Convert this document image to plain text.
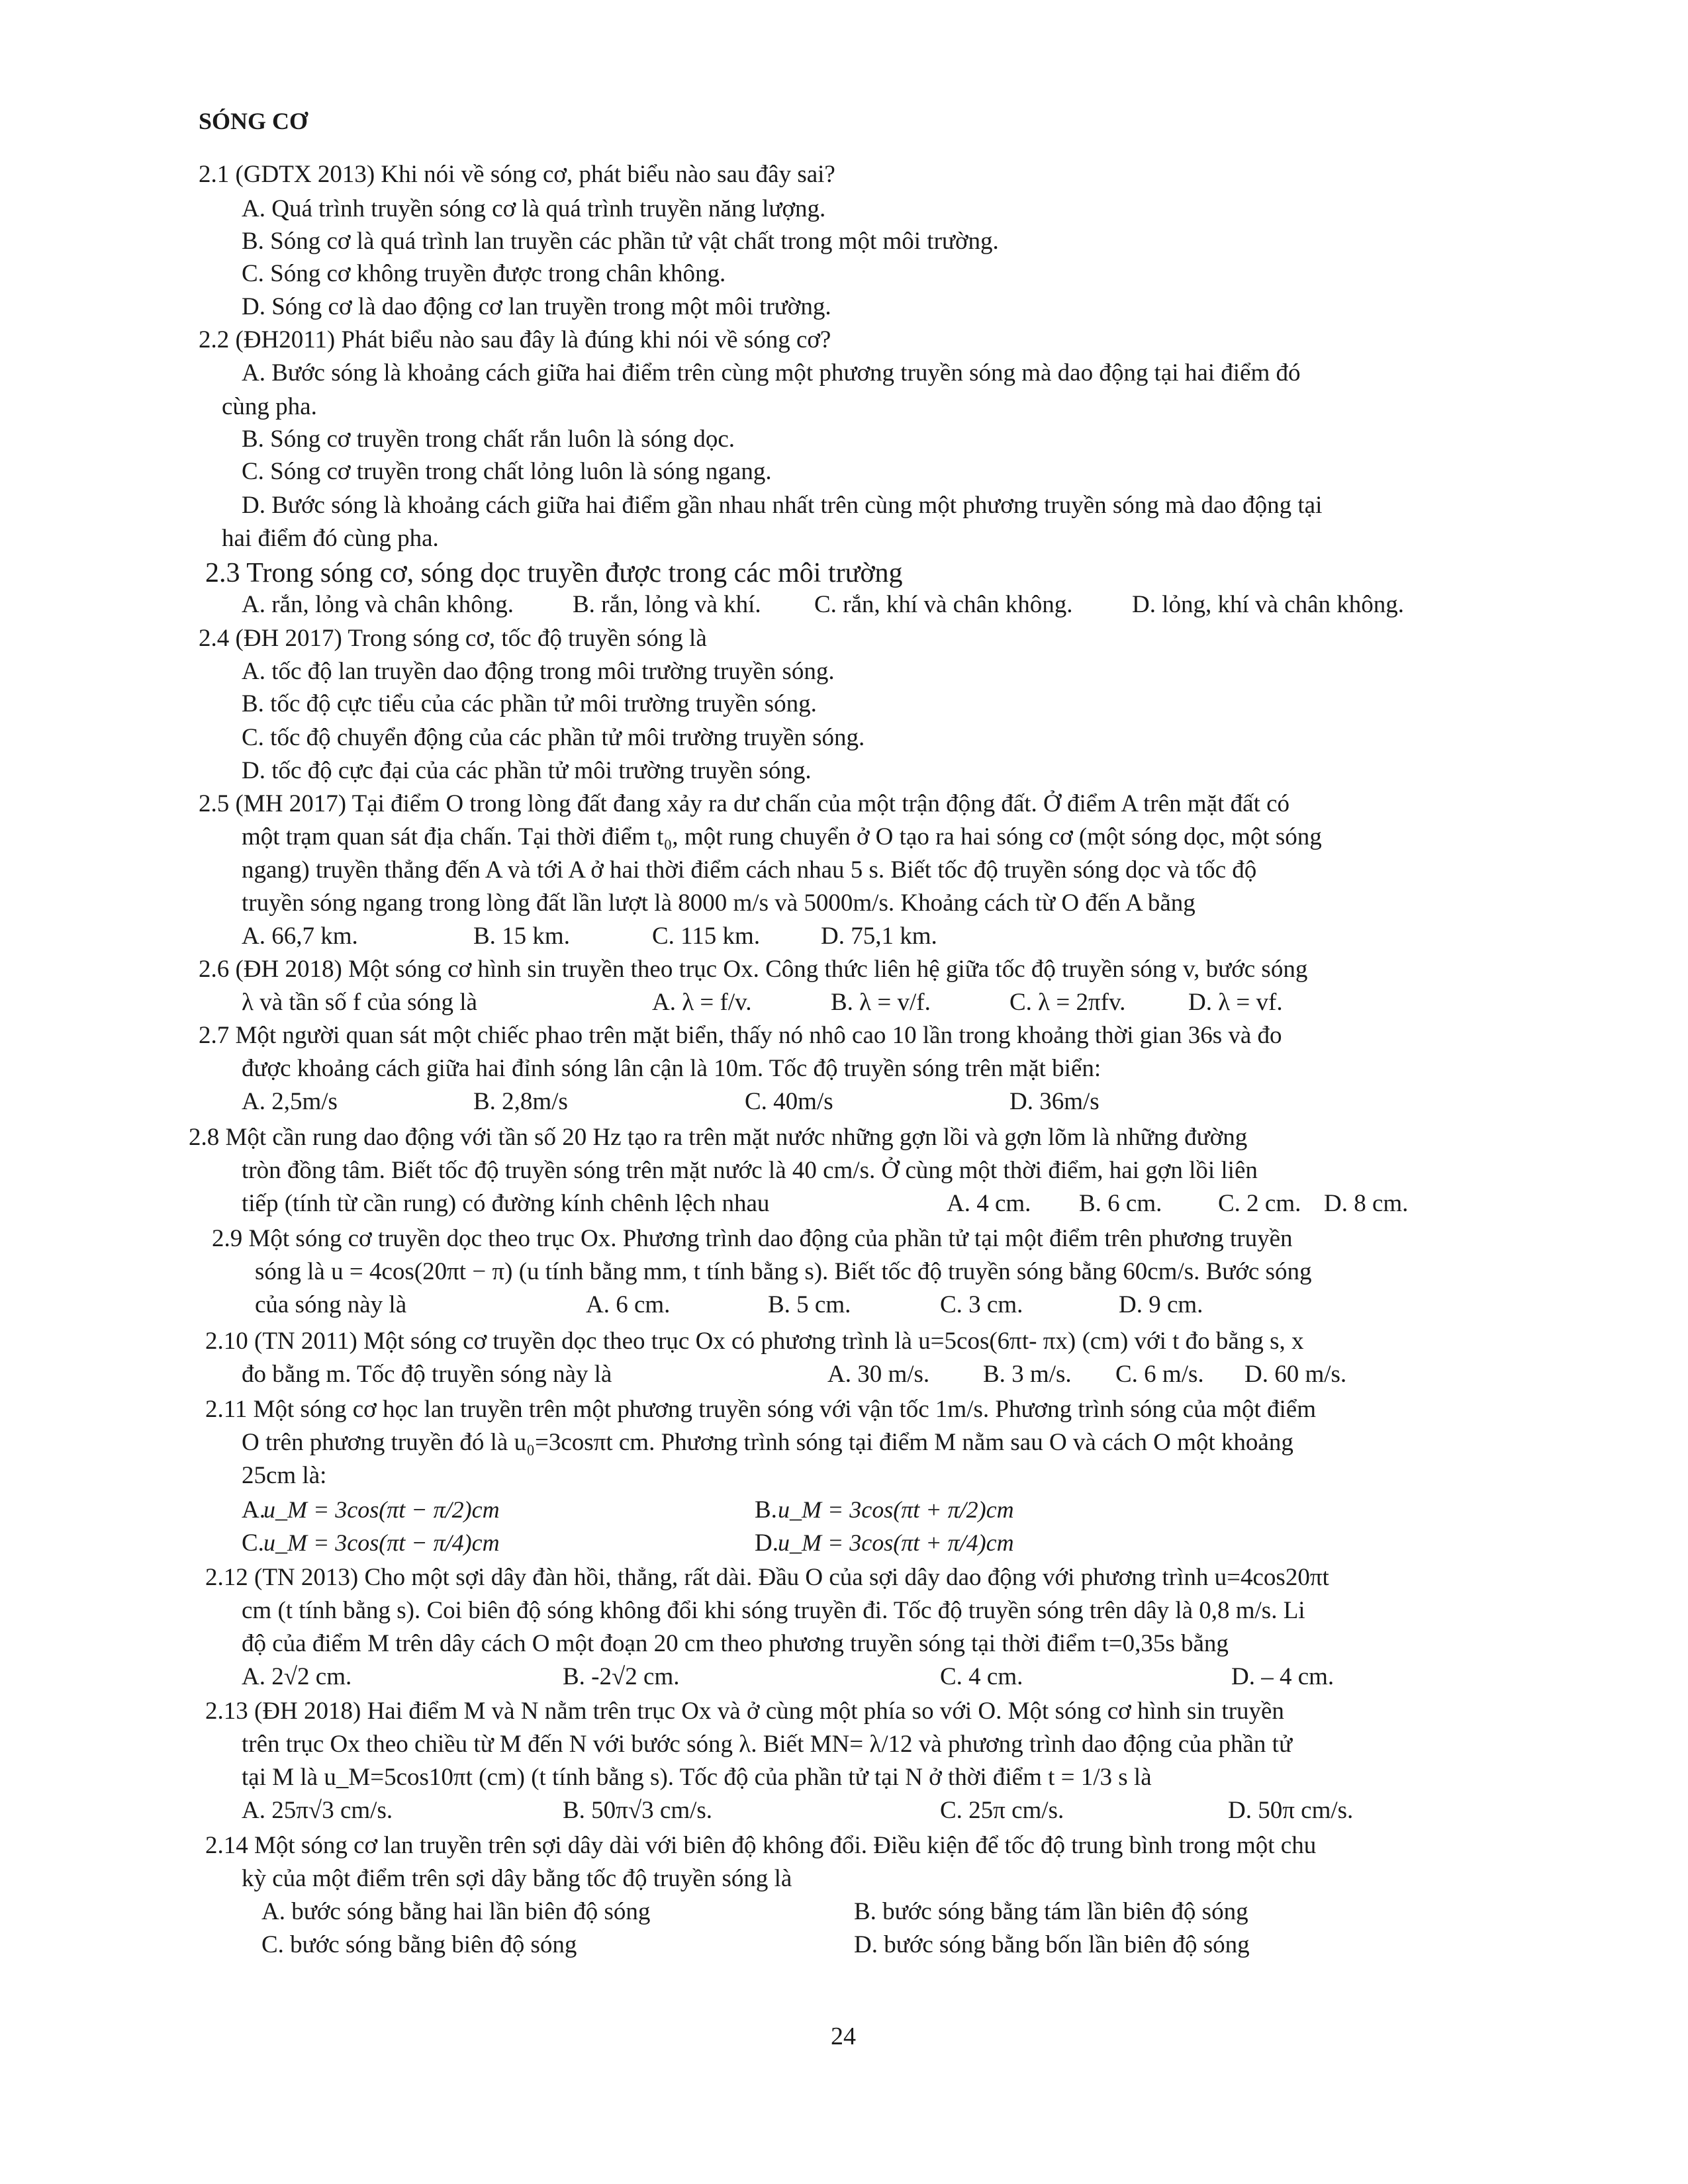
SÓNG CƠ
2.1 (GDTX 2013) Khi nói về sóng cơ, phát biểu nào sau đây sai?
A. Quá trình truyền sóng cơ là quá trình truyền năng lượng.
B. Sóng cơ là quá trình lan truyền các phần tử vật chất trong một môi trường.
C. Sóng cơ không truyền được trong chân không.
D. Sóng cơ là dao động cơ lan truyền trong một môi trường.
2.2 (ĐH2011) Phát biểu nào sau đây là đúng khi nói về sóng cơ?
A. Bước sóng là khoảng cách giữa hai điểm trên cùng một phương truyền sóng mà dao động tại hai điểm đó
cùng pha.
B. Sóng cơ truyền trong chất rắn luôn là sóng dọc.
C. Sóng cơ truyền trong chất lỏng luôn là sóng ngang.
D. Bước sóng là khoảng cách giữa hai điểm gần nhau nhất trên cùng một phương truyền sóng mà dao động tại
hai điểm đó cùng pha.
2.3 Trong sóng cơ, sóng dọc truyền được trong các môi trường
A. rắn, lỏng và chân không. B. rắn, lỏng và khí. C. rắn, khí và chân không. D. lỏng, khí và chân không.
2.4 (ĐH 2017) Trong sóng cơ, tốc độ truyền sóng là
A. tốc độ lan truyền dao động trong môi trường truyền sóng.
B. tốc độ cực tiểu của các phần tử môi trường truyền sóng.
C. tốc độ chuyển động của các phần tử môi trường truyền sóng.
D. tốc độ cực đại của các phần tử môi trường truyền sóng.
2.5 (MH 2017) Tại điểm O trong lòng đất đang xảy ra dư chấn của một trận động đất. Ở điểm A trên mặt đất có
một trạm quan sát địa chấn. Tại thời điểm t₀, một rung chuyển ở O tạo ra hai sóng cơ (một sóng dọc, một sóng
ngang) truyền thẳng đến A và tới A ở hai thời điểm cách nhau 5 s. Biết tốc độ truyền sóng dọc và tốc độ
truyền sóng ngang trong lòng đất lần lượt là 8000 m/s và 5000m/s. Khoảng cách từ O đến A bằng
A. 66,7 km.	B. 15 km.	C. 115 km. D. 75,1 km.
2.6 (ĐH 2018) Một sóng cơ hình sin truyền theo trục Ox. Công thức liên hệ giữa tốc độ truyền sóng v, bước sóng
λ và tần số f của sóng là	A. λ = f/v.	B. λ = v/f.	C. λ = 2πfv.	D. λ = vf.
2.7 Một người quan sát một chiếc phao trên mặt biển, thấy nó nhô cao 10 lần trong khoảng thời gian 36s và đo
được khoảng cách giữa hai đỉnh sóng lân cận là 10m. Tốc độ truyền sóng trên mặt biển:
A. 2,5m/s	B. 2,8m/s	C. 40m/s	D. 36m/s
2.8 Một cần rung dao động với tần số 20 Hz tạo ra trên mặt nước những gợn lồi và gợn lõm là những đường
tròn đồng tâm. Biết tốc độ truyền sóng trên mặt nước là 40 cm/s. Ở cùng một thời điểm, hai gợn lồi liên
tiếp (tính từ cần rung) có đường kính chênh lệch nhau	A. 4 cm. B. 6 cm. C. 2 cm. D. 8 cm.
2.9 Một sóng cơ truyền dọc theo trục Ox. Phương trình dao động của phần tử tại một điểm trên phương truyền
sóng là u = 4cos(20πt − π) (u tính bằng mm, t tính bằng s). Biết tốc độ truyền sóng bằng 60cm/s. Bước sóng
của sóng này là	A. 6 cm.	B. 5 cm.	C. 3 cm.	D. 9 cm.
2.10 (TN 2011) Một sóng cơ truyền dọc theo trục Ox có phương trình là u=5cos(6πt- πx) (cm) với t đo bằng s, x
đo bằng m. Tốc độ truyền sóng này là	A. 30 m/s. B. 3 m/s. C. 6 m/s. D. 60 m/s.
2.11 Một sóng cơ học lan truyền trên một phương truyền sóng với vận tốc 1m/s. Phương trình sóng của một điểm
O trên phương truyền đó là u₀=3cosπt cm. Phương trình sóng tại điểm M nằm sau O và cách O một khoảng
25cm là:
A.
u_M = 3cos(πt − π/2)cm	B. u_M = 3cos(πt + π/2)cm
C. u_M = 3cos(πt − π/4)cm	D. u_M = 3cos(πt + π/4)cm
2.12 (TN 2013) Cho một sợi dây đàn hồi, thẳng, rất dài. Đầu O của sợi dây dao động với phương trình u=4cos20πt
cm (t tính bằng s). Coi biên độ sóng không đổi khi sóng truyền đi. Tốc độ truyền sóng trên dây là 0,8 m/s. Li
độ của điểm M trên dây cách O một đoạn 20 cm theo phương truyền sóng tại thời điểm t=0,35s bằng
A. 2√2 cm.	B. -2√2 cm.	C. 4 cm.	D. – 4 cm.
2.13 (ĐH 2018) Hai điểm M và N nằm trên trục Ox và ở cùng một phía so với O. Một sóng cơ hình sin truyền
trên trục Ox theo chiều từ M đến N với bước sóng λ. Biết MN= λ/12 và phương trình dao động của phần tử
tại M là u_M=5cos10πt (cm) (t tính bằng s). Tốc độ của phần tử tại N ở thời điểm t = 1/3 s là
A. 25π√3 cm/s.	B. 50π√3 cm/s.	C. 25π cm/s.	D. 50π cm/s.
2.14 Một sóng cơ lan truyền trên sợi dây dài với biên độ không đổi. Điều kiện để tốc độ trung bình trong một chu
kỳ của một điểm trên sợi dây bằng tốc độ truyền sóng là
A. bước sóng bằng hai lần biên độ sóng	B. bước sóng bằng tám lần biên độ sóng
C. bước sóng bằng biên độ sóng	D. bước sóng bằng bốn lần biên độ sóng
24
